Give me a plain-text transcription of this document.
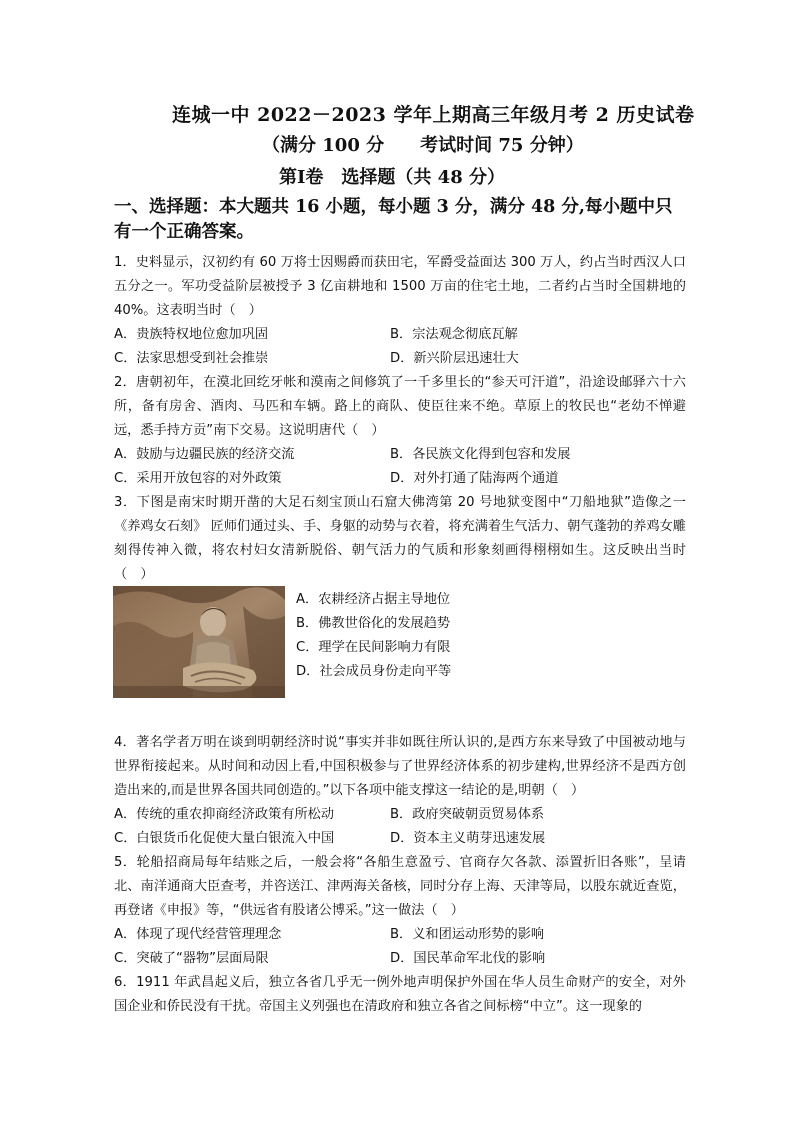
连城一中 2022－2023 学年上期高三年级月考 2 历史试卷
（满分 100 分 考试时间 75 分钟）
第Ⅰ卷　选择题（共 48 分）
一、选择题：本大题共 16 小题，每小题 3 分，满分 48 分,每小题中只有一个正确答案。
1．史料显示，汉初约有 60 万将士因赐爵而获田宅，军爵受益面达 300 万人，约占当时西汉人口五分之一。军功受益阶层被授予 3 亿亩耕地和 1500 万亩的住宅土地，二者约占当时全国耕地的 40%。这表明当时（　）
A．贵族特权地位愈加巩固	B．宗法观念彻底瓦解
C．法家思想受到社会推崇	D．新兴阶层迅速壮大
2．唐朝初年，在漠北回纥牙帐和漠南之间修筑了一千多里长的“参天可汗道”，沿途设邮驿六十六所，备有房舍、酒肉、马匹和车辆。路上的商队、使臣往来不绝。草原上的牧民也“老幼不惮避远，悉手持方贡”南下交易。这说明唐代（　）
A．鼓励与边疆民族的经济交流	B．各民族文化得到包容和发展
C．采用开放包容的对外政策	D．对外打通了陆海两个通道
3．下图是南宋时期开凿的大足石刻宝顶山石窟大佛湾第 20 号地狱变图中“刀船地狱”造像之一《养鸡女石刻》 匠师们通过头、手、身躯的动势与衣着，将充满着生气活力、朝气蓬勃的养鸡女雕刻得传神入微，将农村妇女清新脱俗、朝气活力的气质和形象刻画得栩栩如生。这反映出当时（　）
A．农耕经济占据主导地位
B．佛教世俗化的发展趋势
C．理学在民间影响力有限
D．社会成员身份走向平等
4．著名学者万明在谈到明朝经济时说“事实并非如既往所认识的,是西方东来导致了中国被动地与世界衔接起来。从时间和动因上看,中国积极参与了世界经济体系的初步建构,世界经济不是西方创造出来的,而是世界各国共同创造的。”以下各项中能支撑这一结论的是,明朝（　）
A．传统的重农抑商经济政策有所松动	B．政府突破朝贡贸易体系
C．白银货币化促使大量白银流入中国	D．资本主义萌芽迅速发展
5．轮船招商局每年结账之后，一般会将“各船生意盈亏、官商存欠各款、添置折旧各账”，呈请北、南洋通商大臣查考，并咨送江、津两海关备核，同时分存上海、天津等局，以股东就近查览，再登诸《申报》等，“供远省有股诸公博采。”这一做法（　）
A．体现了现代经营管理理念	B．义和团运动形势的影响
C．突破了“器物”层面局限	D．国民革命军北伐的影响
6．1911 年武昌起义后，独立各省几乎无一例外地声明保护外国在华人员生命财产的安全，对外国企业和侨民没有干扰。帝国主义列强也在清政府和独立各省之间标榜“中立”。这一现象的
